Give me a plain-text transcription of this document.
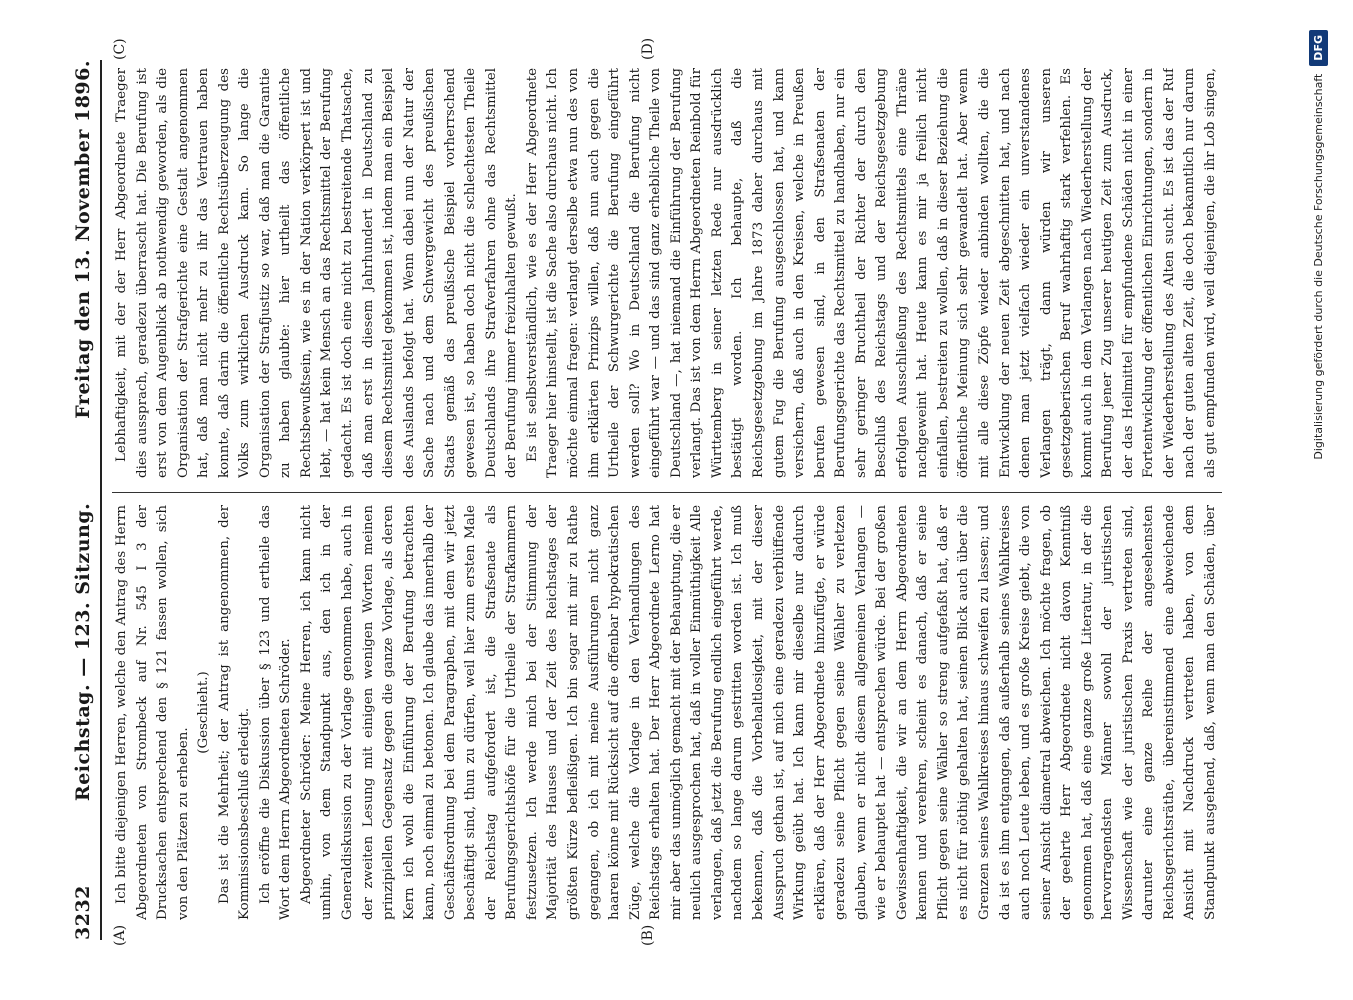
3232
Reichstag. — 123. Sitzung.
Freitag den 13. November 1896.
(A)	(B)
(C)	(D)

Ich bitte diejenigen Herren, welche den Antrag des Herrn Abgeordneten von Strombeck auf Nr. 545 I 3 der Drucksachen entsprechend den § 121 fassen wollen, sich von den Plätzen zu erheben.

(Geschieht.) Das ist die Mehrheit; der Antrag ist angenommen, der Kommissionsbeschluß erledigt. Ich eröffne die Diskussion über § 123 und ertheile das Wort dem Herrn Abgeordneten Schröder. Abgeordneter Schröder: Meine Herren, ich kann nicht umhin, von dem Standpunkt aus, den ich in der Generaldiskussion zu der Vorlage genommen habe, auch in der zweiten Lesung mit einigen wenigen Worten meinen prinzipiellen Gegensatz gegen die ganze Vorlage, als deren Kern ich wohl die Einführung der Berufung betrachten kann, noch einmal zu betonen. Ich glaube das innerhalb der Geschäftsordnung bei dem Paragraphen, mit dem wir jetzt beschäftigt sind, thun zu dürfen, weil hier zum ersten Male der Reichstag aufgefordert ist, die Strafsenate als Berufungsgerichtshöfe für die Urtheile der Strafkammern festzusetzen. Ich werde mich bei der Stimmung der Majorität des Hauses und der Zeit des Reichstages der größten Kürze befleißigen. Ich bin sogar mit mir zu Rathe gegangen, ob ich mit meine Ausführungen nicht ganz haaren könne mit Rücksicht auf die offenbar hypokratischen Züge, welche die Vorlage in den Verhandlungen des Reichstags erhalten hat. Der Herr Abgeordnete Lerno hat mir aber das unmöglich gemacht mit der Behauptung, die er neulich ausgesprochen hat, daß in voller Einmüthigkeit Alle verlangen, daß jetzt die Berufung endlich eingeführt werde, nachdem so lange darum gestritten worden ist. Ich muß bekennen, daß die Vorbehaltlosigkeit, mit der dieser Ausspruch gethan ist, auf mich eine geradezu verblüffende Wirkung geübt hat. Ich kann mir dieselbe nur dadurch erklären, daß der Herr Abgeordnete hinzufügte, er würde geradezu seine Pflicht gegen seine Wähler zu verletzen glauben, wenn er nicht diesem allgemeinen Verlangen — wie er behauptet hat — entsprechen würde. Bei der großen Gewissenhaftigkeit, die wir an dem Herrn Abgeordneten kennen und verehren, scheint es danach, daß er seine Pflicht gegen seine Wähler so streng aufgefaßt hat, daß er es nicht für nöthig gehalten hat, seinen Blick auch über die Grenzen seines Wahlkreises hinaus schweifen zu lassen; und da ist es ihm entgangen, daß außerhalb seines Wahlkreises auch noch Leute leben, und es große Kreise giebt, die von seiner Ansicht diametral abweichen. Ich möchte fragen, ob der geehrte Herr Abgeordnete nicht davon Kenntniß genommen hat, daß eine ganze große Literatur, in der die hervorragendsten Männer sowohl der juristischen Wissenschaft wie der juristischen Praxis vertreten sind, darunter eine ganze Reihe der angesehensten Reichsgerichtsräthe, übereinstimmend eine abweichende Ansicht mit Nachdruck vertreten haben, von dem Standpunkt ausgehend, daß, wenn man den Schäden, über

Lebhaftigkeit, mit der der Herr Abgeordnete Traeger dies aussprach, geradezu überrascht hat. Die Berufung ist erst von dem Augenblick ab nothwendig geworden, als die Organisation der Strafgerichte eine Gestalt angenommen hat, daß man nicht mehr zu ihr das Vertrauen haben konnte, daß darin die öffentliche Rechtsüberzeugung des Volks zum wirklichen Ausdruck kam. So lange die Organisation der Strafjustiz so war, daß man die Garantie zu haben glaubte: hier urtheilt das öffentliche Rechtsbewußtsein, wie es in der Nation verkörpert ist und lebt, — hat kein Mensch an das Rechtsmittel der Berufung gedacht. Es ist doch eine nicht zu bestreitende Thatsache, daß man erst in diesem Jahrhundert in Deutschland zu diesem Rechtsmittel gekommen ist, indem man ein Beispiel des Auslands befolgt hat. Wenn dabei nun der Natur der Sache nach und dem Schwergewicht des preußischen Staats gemäß das preußische Beispiel vorherrschend gewesen ist, so haben doch nicht die schlechtesten Theile Deutschlands ihre Strafverfahren ohne das Rechtsmittel der Berufung immer freizuhalten gewußt. Es ist selbstverständlich, wie es der Herr Abgeordnete Traeger hier hinstellt, ist die Sache also durchaus nicht. Ich möchte einmal fragen: verlangt derselbe etwa nun des von ihm erklärten Prinzips willen, daß nun auch gegen die Urtheile der Schwurgerichte die Berufung eingeführt werden soll? Wo in Deutschland die Berufung nicht eingeführt war — und das sind ganz erhebliche Theile von Deutschland —, hat niemand die Einführung der Berufung verlangt. Das ist von dem Herrn Abgeordneten Reinbold für Württemberg in seiner letzten Rede nur ausdrücklich bestätigt worden. Ich behaupte, daß die Reichsgesetzgebung im Jahre 1873 daher durchaus mit gutem Fug die Berufung ausgeschlossen hat, und kann versichern, daß auch in den Kreisen, welche in Preußen berufen gewesen sind, in den Strafsenaten der Berufungsgerichte das Rechtsmittel zu handhaben, nur ein sehr geringer Bruchtheil der Richter der durch den Beschluß des Reichstags und der Reichsgesetzgebung erfolgten Ausschließung des Rechtsmittels eine Thräne nachgeweint hat. Heute kann es mir ja freilich nicht einfallen, bestreiten zu wollen, daß in dieser Beziehung die öffentliche Meinung sich sehr gewandelt hat. Aber wenn mit alle diese Zöpfe wieder anbinden wollten, die die Entwicklung der neuen Zeit abgeschnitten hat, und nach denen man jetzt vielfach wieder ein unverstandenes Verlangen trägt, dann würden wir unseren gesetzgeberischen Beruf wahrhaftig stark verfehlen. Es kommt auch in dem Verlangen nach Wiederherstellung der Berufung jener Zug unserer heutigen Zeit zum Ausdruck, der das Heilmittel für empfundene Schäden nicht in einer Fortentwicklung der öffentlichen Einrichtungen, sondern in der Wiederherstellung des Alten sucht. Es ist das der Ruf nach der guten alten Zeit, die doch bekanntlich nur darum als gut empfunden wird, weil diejenigen, die ihr Lob singen,	Digitalisierung gefördert durch die Deutsche Forschungsgemeinschaft
DFG
